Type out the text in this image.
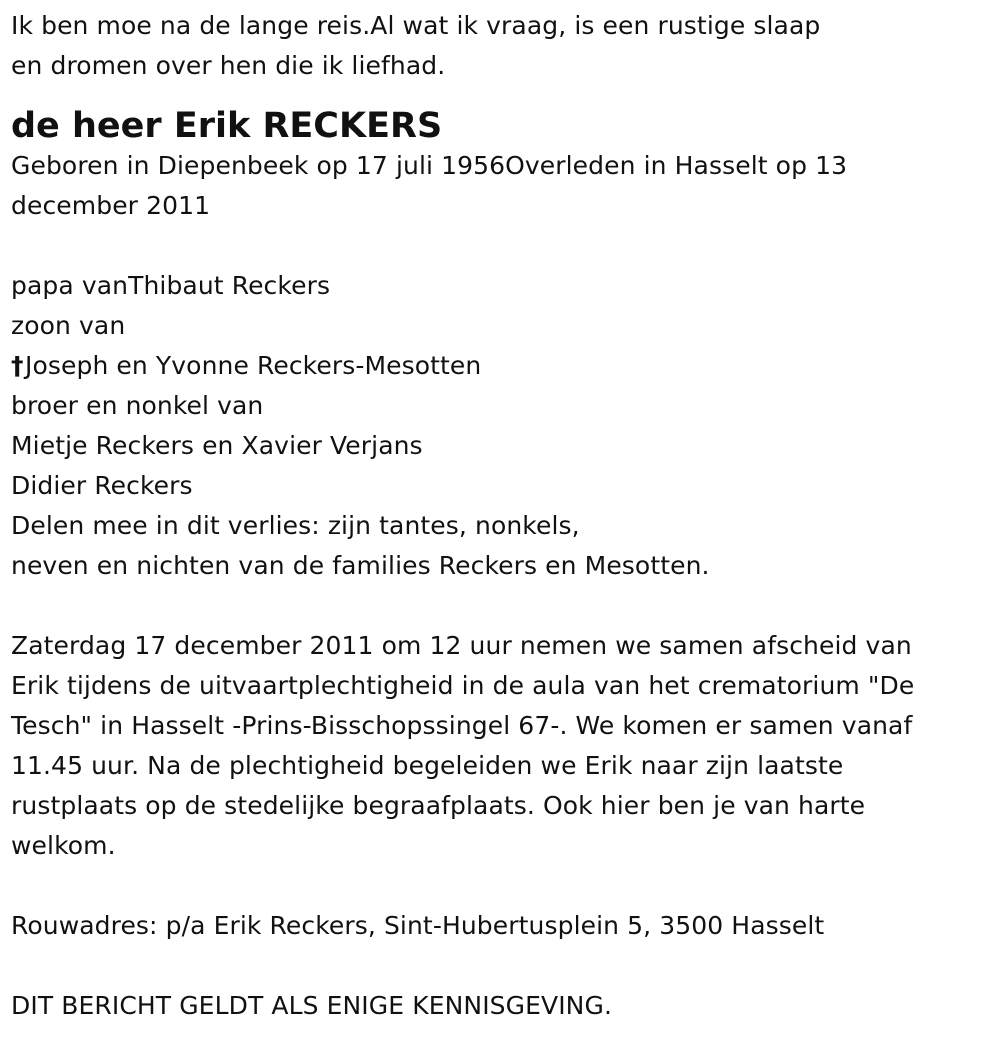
Ik ben moe na de lange reis.Al wat ik vraag, is een rustige slaap
en dromen over hen die ik liefhad.
de heer Erik RECKERS
Geboren in Diepenbeek op 17 juli 1956Overleden in Hasselt op 13
december 2011
papa vanThibaut Reckers
zoon van
†Joseph en Yvonne Reckers-Mesotten
broer en nonkel van
Mietje Reckers en Xavier Verjans
Didier Reckers
Delen mee in dit verlies: zijn tantes, nonkels,
neven en nichten van de families Reckers en Mesotten.
Zaterdag 17 december 2011 om 12 uur nemen we samen afscheid van
Erik tijdens de uitvaartplechtigheid in de aula van het crematorium "De
Tesch" in Hasselt -Prins-Bisschopssingel 67-. We komen er samen vanaf
11.45 uur. Na de plechtigheid begeleiden we Erik naar zijn laatste
rustplaats op de stedelijke begraafplaats. Ook hier ben je van harte
welkom.
Rouwadres: p/a Erik Reckers, Sint-Hubertusplein 5, 3500 Hasselt
DIT BERICHT GELDT ALS ENIGE KENNISGEVING.
